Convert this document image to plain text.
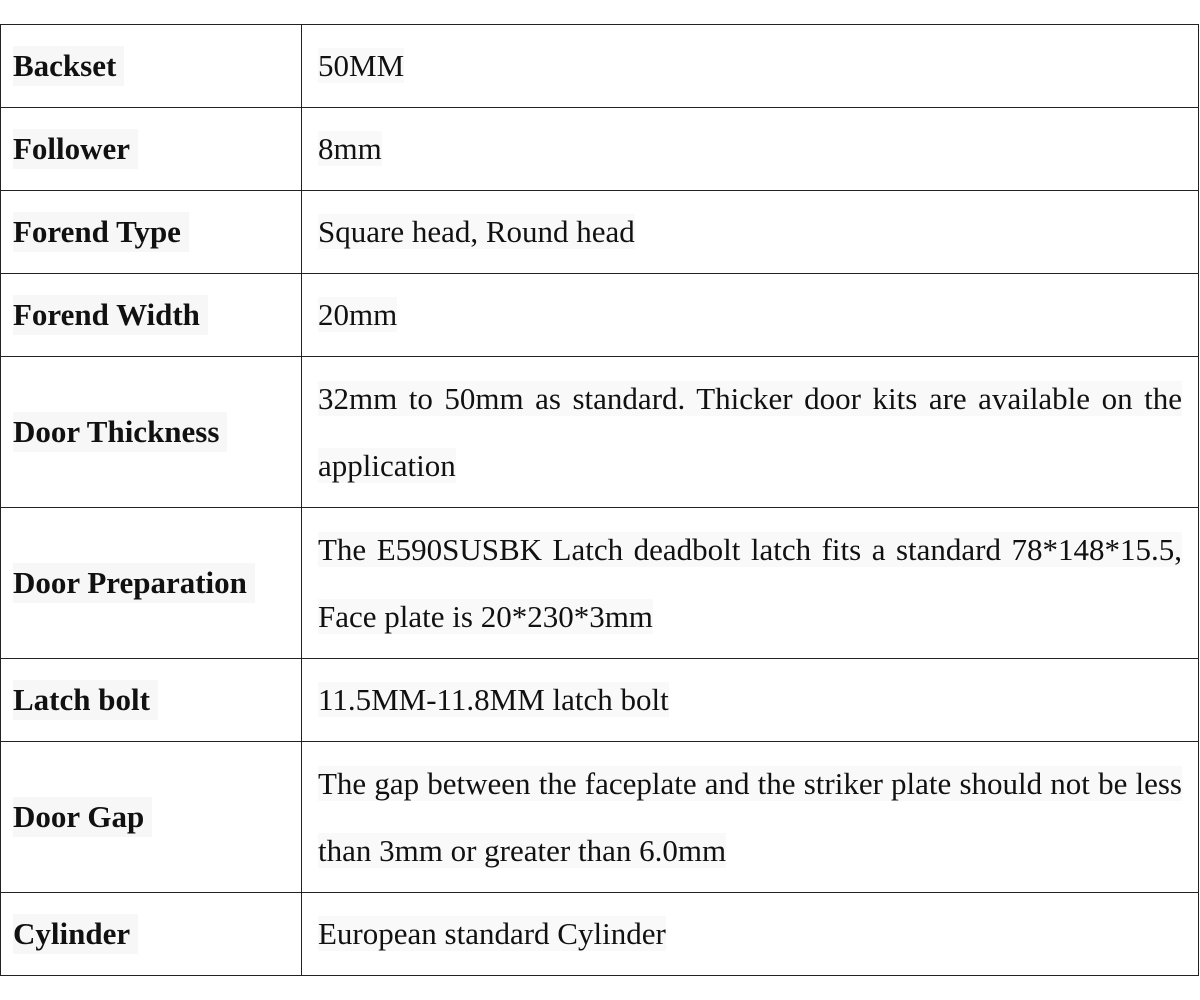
Backset	50MM
Follower	8mm
Forend Type	Square head, Round head
Forend Width	20mm
Door Thickness	32mm to 50mm as standard. Thicker door kits are available on the application
Door Preparation	The E590SUSBK Latch deadbolt latch fits a standard 78*148*15.5, Face plate is 20*230*3mm
Latch bolt	11.5MM-11.8MM latch bolt
Door Gap	The gap between the faceplate and the striker plate should not be less than 3mm or greater than 6.0mm
Cylinder	European standard Cylinder
